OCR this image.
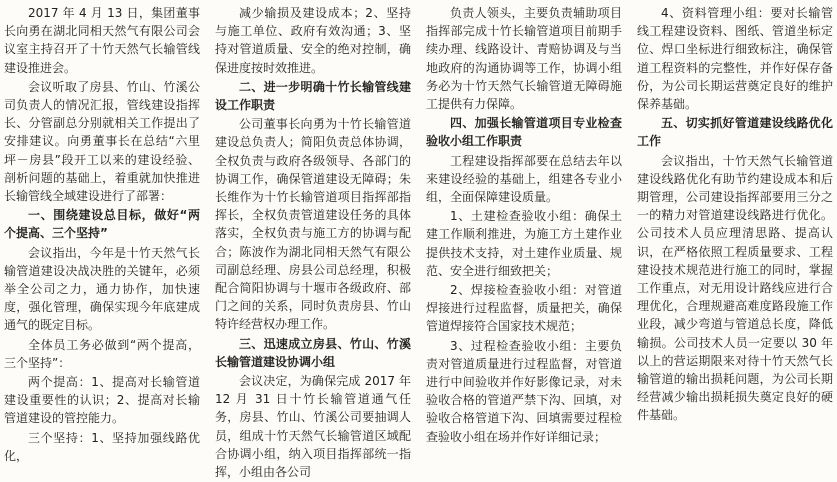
2017 年 4 月 13 日，集团董事长向勇在湖北同相天然气有限公司会议室主持召开了十竹天然气长输管线建设推进会。

会议听取了房县、竹山、竹溪公司负责人的情况汇报，管线建设指挥长、分管副总分别就相关工作提出了安排建议。向勇董事长在总结“六里坪－房县”段开工以来的建设经验、剖析问题的基础上，着重就加快推进长输管线全域建设进行了部署：

一、围绕建设总目标，做好“两个提高、三个坚持”

会议指出，今年是十竹天然气长输管道建设决战决胜的关键年，必须举全公司之力，通力协作，加快速度，强化管理，确保实现今年底建成通气的既定目标。

全体员工务必做到“两个提高，三个坚持”：

两个提高：1、提高对长输管道建设重要性的认识；2、提高对长输管道建设的管控能力。

三个坚持：1、坚持加强线路优化，

减少输损及建设成本；2、坚持与施工单位、政府有效沟通；3、坚持对管道质量、安全的绝对控制，确保进度按时效推进。

二、进一步明确十竹长输管线建设工作职责

公司董事长向勇为十竹长输管道建设总负责人；简阳负责总体协调，全权负责与政府各级领导、各部门的协调工作，确保管道建设无障碍；朱长维作为十竹长输管道项目指挥部指挥长，全权负责管道建设任务的具体落实，全权负责与施工方的协调与配合；陈波作为湖北同相天然气有限公司副总经理、房县公司总经理，积极配合简阳协调与十堰市各级政府、部门之间的关系，同时负责房县、竹山特许经营权办理工作。

三、迅速成立房县、竹山、竹溪长输管道建设协调小组

会议决定，为确保完成 2017 年 12 月 31 日十竹长输管道通气任务，房县、竹山、竹溪公司要抽调人员，组成十竹天然气长输管道区域配合协调小组，纳入项目指挥部统一指挥，小组由各公司

负责人领头，主要负责辅助项目指挥部完成十竹长输管道项目前期手续办理、线路设计、青赔协调及与当地政府的沟通协调等工作，协调小组务必为十竹天然气长输管道无障碍施工提供有力保障。

四、加强长输管道项目专业检查验收小组工作职责

工程建设指挥部要在总结去年以来建设经验的基础上，组建各专业小组，全面保障建设质量。

1、土建检查验收小组：确保土建工作顺利推进，为施工方土建作业提供技术支持，对土建作业质量、规范、安全进行细致把关；

2、焊接检查验收小组：对管道焊接进行过程监督，质量把关，确保管道焊接符合国家技术规范；

3、过程检查验收小组：主要负责对管道质量进行过程监督，对管道进行中间验收并作好影像记录，对未验收合格的管道严禁下沟、回填，对验收合格管道下沟、回填需要过程检查验收小组在场并作好详细记录；

4、资料管理小组：要对长输管线工程建设资料、图纸、管道坐标定位、焊口坐标进行细致标注，确保管道工程资料的完整性，并作好保存备份，为公司长期运营奠定良好的维护保养基础。

五、切实抓好管道建设线路优化工作

会议指出，十竹天然气长输管道建设线路优化有助节约建设成本和后期管理，公司建设指挥部要用三分之一的精力对管道建设线路进行优化。公司技术人员应理清思路、提高认识，在严格依照工程质量要求、工程建设技术规范进行施工的同时，掌握工作重点，对无用设计路线应进行合理优化，合理规避高难度路段施工作业段，减少弯道与管道总长度，降低输损。公司技术人员一定要以 30 年以上的营运期限来对待十竹天然气长输管道的输出损耗问题，为公司长期经营减少输出损耗损失奠定良好的硬件基础。
